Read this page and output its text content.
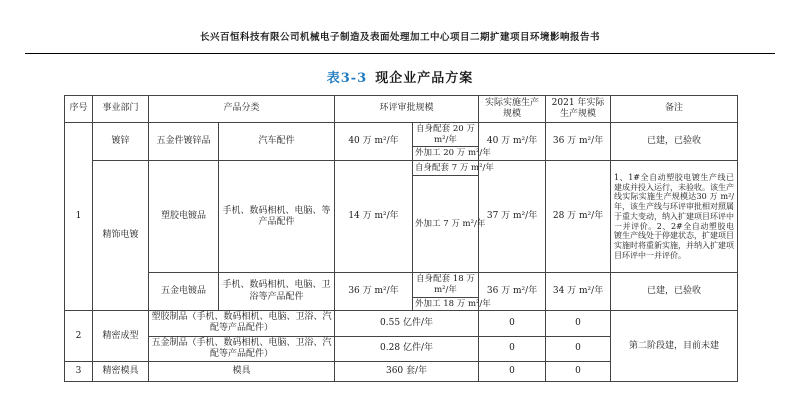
长兴百恒科技有限公司机械电子制造及表面处理加工中心项目二期扩建项目环境影响报告书
表3-3 现企业产品方案
序号	事业部门	产品分类		环评审批规模		实际实施生产规模	2021 年实际生产规模	备注
1	镀锌	五金件镀锌品	汽车配件	40 万 m²/年	自身配套 20 万 m²/年	40 万 m²/年	36 万 m²/年	已建，已验收
					外加工 20 万 m²/年			
	精饰电镀	塑胶电镀品	手机、数码相机、电脑、等产品配件	14 万 m²/年	自身配套 7 万 m²/年	37 万 m²/年	28 万 m²/年	1、1#全自动塑胶电镀生产线已建成并投入运行，未验收。该生产线实际实施生产规模达30 万 m²/年，该生产线与环评审批相对照属于重大变动，纳入扩建项目环评中一并评价。2、2#全自动塑胶电镀生产线处于停建状态，扩建项目实施时将重新实施，并纳入扩建项目环评中一并评价。
					外加工 7 万 m²/年			
		五金电镀品	手机、数码相机、电脑、卫浴等产品配件	36 万 m²/年	自身配套 18 万 m²/年	36 万 m²/年	34 万 m²/年	已建，已验收
					外加工 18 万 m²/年			
2	精密成型	塑胶制品（手机、数码相机、电脑、卫浴、汽配等产品配件）		0.55 亿件/年		0	0	第二阶段建，目前未建
		五金制品（手机、数码相机、电脑、卫浴、汽配等产品配件）		0.28 亿件/年		0	0	
3	精密模具	模具		360 套/年		0	0	
